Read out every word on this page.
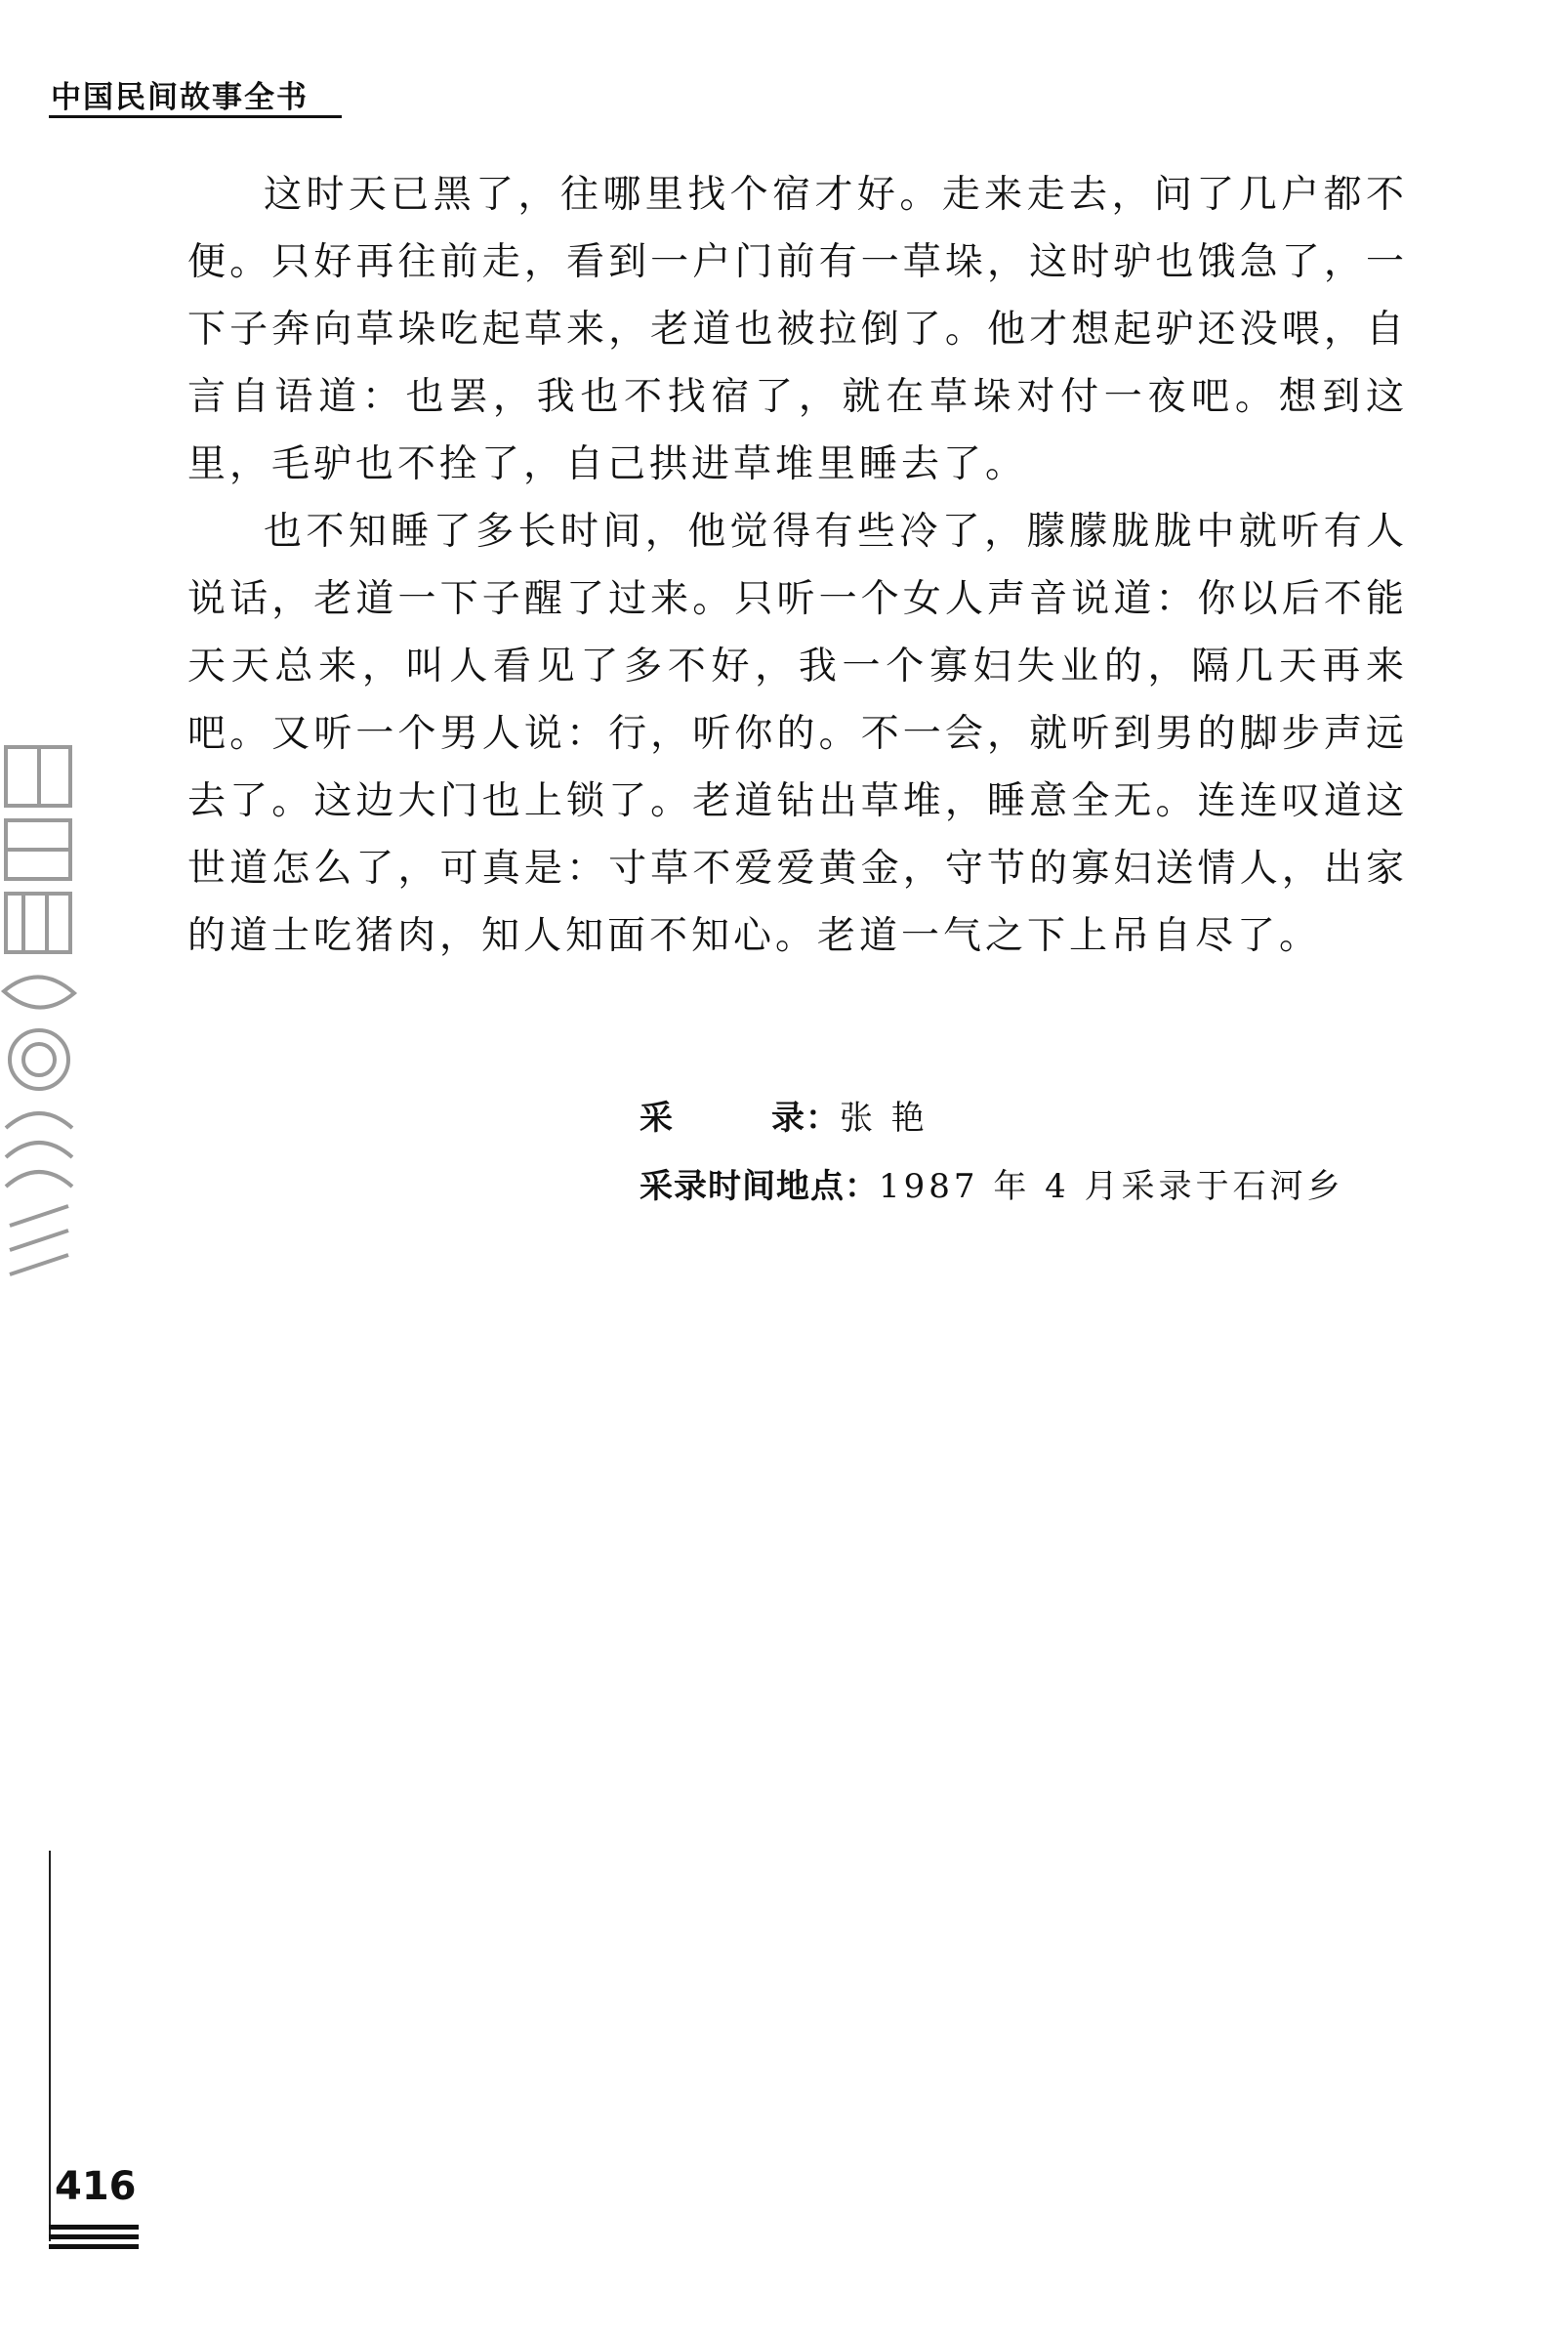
中国民间故事全书

这时天已黑了，往哪里找个宿才好。走来走去，问了几户都不便。只好再往前走，看到一户门前有一草垛，这时驴也饿急了，一下子奔向草垛吃起草来，老道也被拉倒了。他才想起驴还没喂，自言自语道：也罢，我也不找宿了，就在草垛对付一夜吧。想到这里，毛驴也不拴了，自己拱进草堆里睡去了。

也不知睡了多长时间，他觉得有些冷了，朦朦胧胧中就听有人说话，老道一下子醒了过来。只听一个女人声音说道：你以后不能天天总来，叫人看见了多不好，我一个寡妇失业的，隔几天再来吧。又听一个男人说：行，听你的。不一会，就听到男的脚步声远去了。这边大门也上锁了。老道钻出草堆，睡意全无。连连叹道这世道怎么了，可真是：寸草不爱爱黄金，守节的寡妇送情人，出家的道士吃猪肉，知人知面不知心。老道一气之下上吊自尽了。

采	录：张 艳
采录时间地点：1987 年 4 月采录于石河乡
416
